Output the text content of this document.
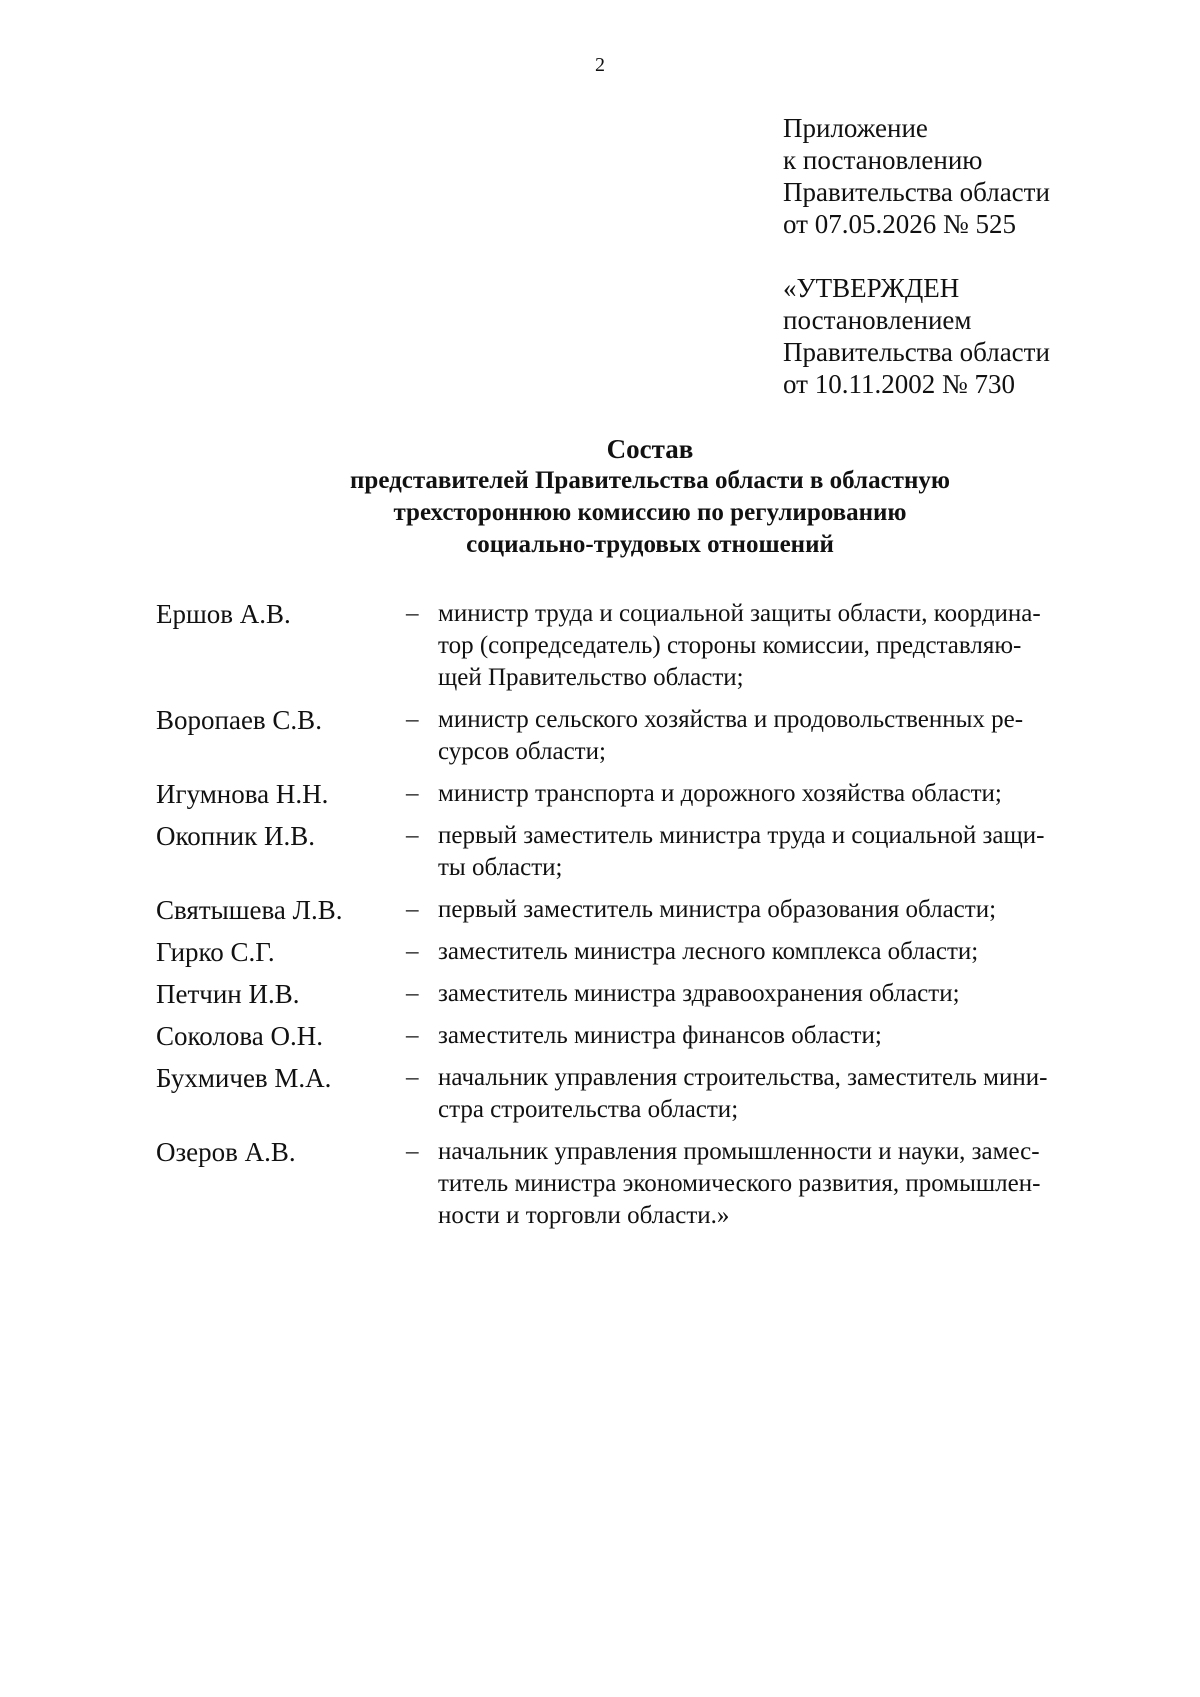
2
Приложение
к постановлению
Правительства области
от 07.05.2026 № 525
«УТВЕРЖДЕН
постановлением
Правительства области
от 10.11.2002 № 730
Состав
представителей Правительства области в областную
трехстороннюю комиссию по регулированию
социально-трудовых отношений
Ершов А.В.	– министр труда и социальной защиты области, координа-
тор (сопредседатель) стороны комиссии, представляю-
щей Правительство области;
Воропаев С.В.	– министр сельского хозяйства и продовольственных ре-
сурсов области;
Игумнова Н.Н.	– министр транспорта и дорожного хозяйства области;
Окопник И.В.	– первый заместитель министра труда и социальной защи-
ты области;
Святышева Л.В.	– первый заместитель министра образования области;
Гирко С.Г.	– заместитель министра лесного комплекса области;
Петчин И.В.	– заместитель министра здравоохранения области;
Соколова О.Н.	– заместитель министра финансов области;
Бухмичев М.А.	– начальник управления строительства, заместитель мини-
стра строительства области;
Озеров А.В.	– начальник управления промышленности и науки, замес-
титель министра экономического развития, промышлен-
ности и торговли области.»
